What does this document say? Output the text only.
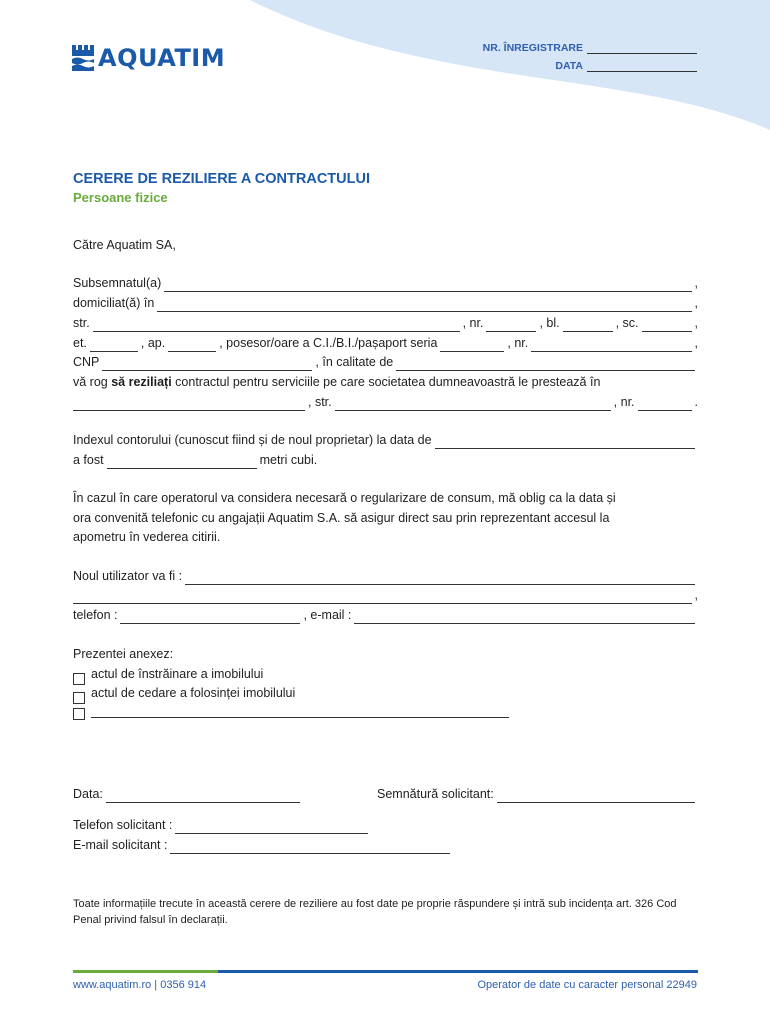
AQUATIM	NR. ÎNREGISTRARE
DATA
CERERE DE REZILIERE A CONTRACTULUI
Persoane fizice
Către Aquatim SA,
Subsemnatul(a)	,
domiciliat(ă) în	,
str.	, nr.	, bl.	, sc.	,
et.	, ap.	, posesor/oare a C.I./B.I./pașaport seria	, nr.	,
CNP	, în calitate de
vă rog
să reziliați
contractul pentru serviciile pe care societatea dumneavoastră le prestează în
, str.	, nr.	.
Indexul contorului (cunoscut fiind și de noul proprietar) la data de
a fost	metri cubi.
În cazul în care operatorul va considera necesară o regularizare de consum, mă oblig ca la data și
ora convenită telefonic cu angajații Aquatim S.A. să asigur direct sau prin reprezentant accesul la
apometru în vederea citirii.
Noul utilizator va fi :
,
telefon :	, e-mail :
Prezentei anexez:
actul de înstrăinare a imobilului
actul de cedare a folosinței imobilului
Data:	Semnătură solicitant:
Telefon solicitant :
E-mail solicitant :
Toate informațiile trecute în această cerere de reziliere au fost date pe proprie răspundere și intră sub incidența art. 326 Cod Penal privind falsul în declarații.
www.aquatim.ro | 0356 914	Operator de date cu caracter personal 22949
